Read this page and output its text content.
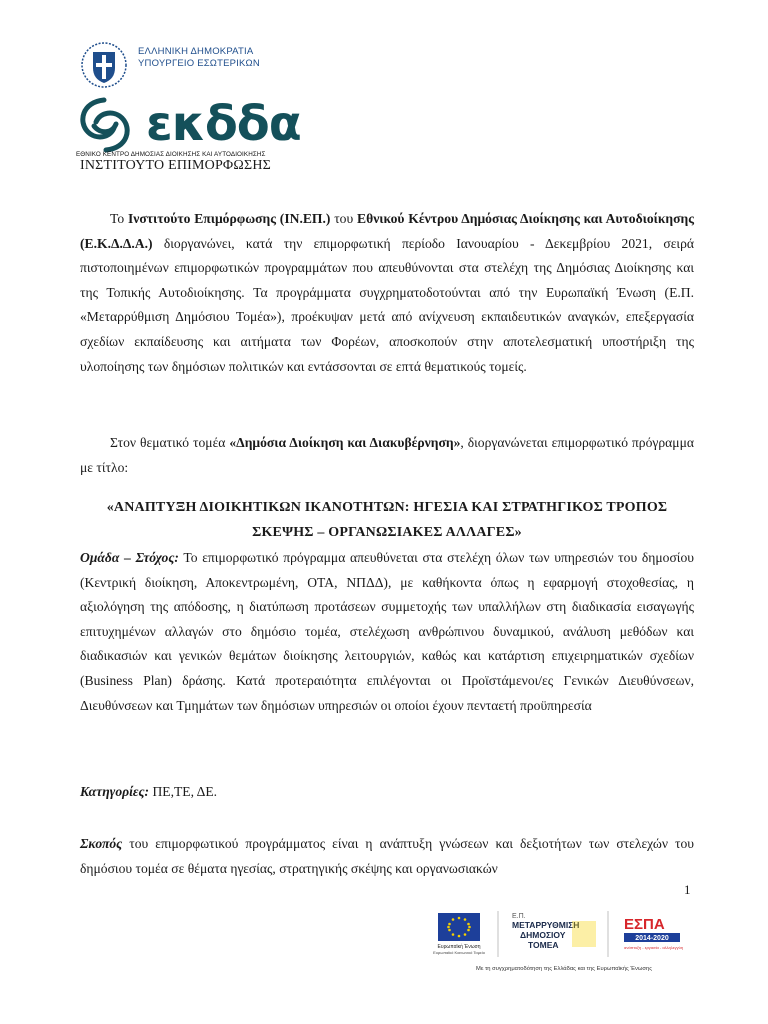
ΕΛΛΗΝΙΚΗ ΔΗΜΟΚΡΑΤΙΑ
ΥΠΟΥΡΓΕΙΟ ΕΣΩΤΕΡΙΚΩΝ
εκδδα
ΕΘΝΙΚΟ ΚΕΝΤΡΟ ΔΗΜΟΣΙΑΣ ΔΙΟΙΚΗΣΗΣ ΚΑΙ ΑΥΤΟΔΙΟΙΚΗΣΗΣ
ΙΝΣΤΙΤΟΥΤΟ ΕΠΙΜΟΡΦΩΣΗΣ
Το Ινστιτούτο Επιμόρφωσης (ΙΝ.ΕΠ.) του Εθνικού Κέντρου Δημόσιας Διοίκησης και Αυτοδιοίκησης (Ε.Κ.Δ.Δ.Α.) διοργανώνει, κατά την επιμορφωτική περίοδο Ιανουαρίου - Δεκεμβρίου 2021, σειρά πιστοποιημένων επιμορφωτικών προγραμμάτων που απευθύνονται στα στελέχη της Δημόσιας Διοίκησης και της Τοπικής Αυτοδιοίκησης. Τα προγράμματα συγχρηματοδοτούνται από την Ευρωπαϊκή Ένωση (Ε.Π. «Μεταρρύθμιση Δημόσιου Τομέα»), προέκυψαν μετά από ανίχνευση εκπαιδευτικών αναγκών, επεξεργασία σχεδίων εκπαίδευσης και αιτήματα των Φορέων, αποσκοπούν στην αποτελεσματική υποστήριξη της υλοποίησης των δημόσιων πολιτικών και εντάσσονται σε επτά θεματικούς τομείς.
Στον θεματικό τομέα «Δημόσια Διοίκηση και Διακυβέρνηση», διοργανώνεται επιμορφωτικό πρόγραμμα με τίτλο:
«ΑΝΑΠΤΥΞΗ ΔΙΟΙΚΗΤΙΚΩΝ ΙΚΑΝΟΤΗΤΩΝ: ΗΓΕΣΙΑ ΚΑΙ ΣΤΡΑΤΗΓΙΚΟΣ ΤΡΟΠΟΣ
ΣΚΕΨΗΣ – ΟΡΓΑΝΩΣΙΑΚΕΣ ΑΛΛΑΓΕΣ»
Ομάδα – Στόχος: Το επιμορφωτικό πρόγραμμα απευθύνεται στα στελέχη όλων των υπηρεσιών του δημοσίου (Κεντρική διοίκηση, Αποκεντρωμένη, ΟΤΑ, ΝΠΔΔ), με καθήκοντα όπως η εφαρμογή στοχοθεσίας, η αξιολόγηση της απόδοσης, η διατύπωση προτάσεων συμμετοχής των υπαλλήλων στη διαδικασία εισαγωγής επιτυχημένων αλλαγών στο δημόσιο τομέα, στελέχωση ανθρώπινου δυναμικού, ανάλυση μεθόδων και διαδικασιών και γενικών θεμάτων διοίκησης λειτουργιών, καθώς και κατάρτιση επιχειρηματικών σχεδίων (Business Plan) δράσης. Κατά προτεραιότητα επιλέγονται οι Προϊστάμενοι/ες Γενικών Διευθύνσεων, Διευθύνσεων και Τμημάτων των δημόσιων υπηρεσιών οι οποίοι έχουν πενταετή προϋπηρεσία
Κατηγορίες: ΠΕ,ΤΕ, ΔΕ.
Σκοπός του επιμορφωτικού προγράμματος είναι η ανάπτυξη γνώσεων και δεξιοτήτων των στελεχών του δημόσιου τομέα σε θέματα ηγεσίας, στρατηγικής σκέψης και οργανωσιακών
1
Ευρωπαϊκή Ένωση
Ευρωπαϊκό Κοινωνικό Ταμείο
Ε.Π.
ΜΕΤΑΡΡΥΘΜΙΣΗ
ΔΗΜΟΣΙΟΥ
ΤΟΜΕΑ
ΕΣΠΑ
2014-2020
ανάπτυξη - εργασία - αλληλεγγύη
Με τη συγχρηματοδότηση της Ελλάδας και της Ευρωπαϊκής Ένωσης
